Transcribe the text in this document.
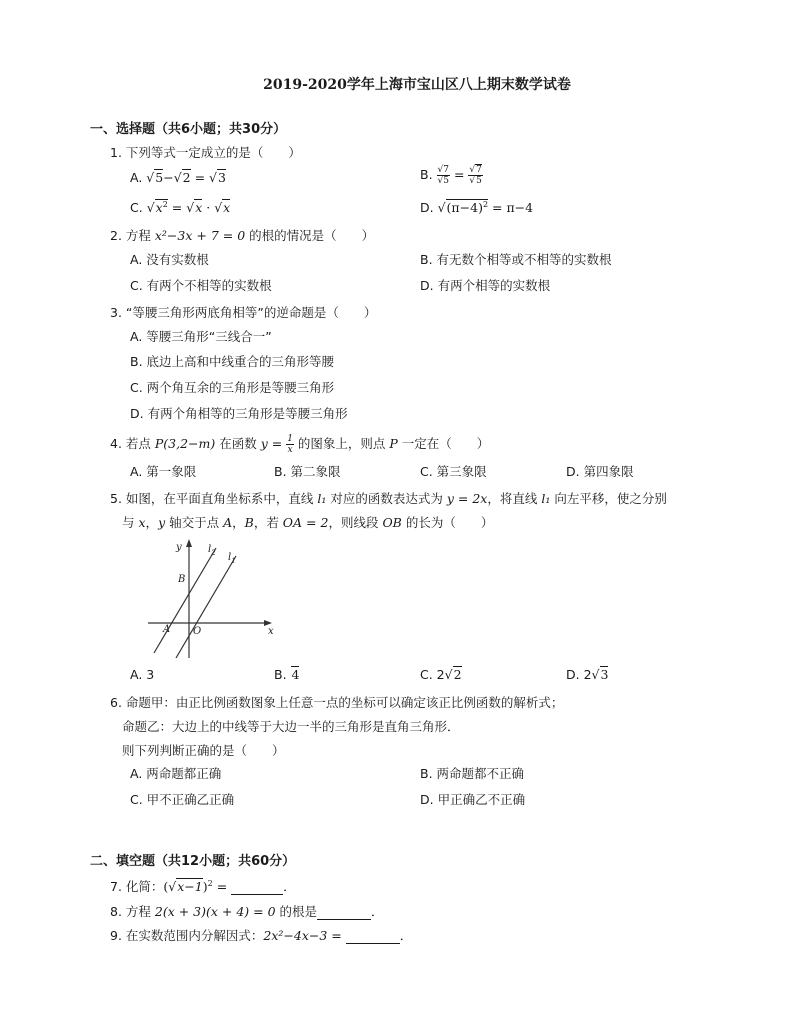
2019-2020学年上海市宝山区八上期末数学试卷
一、选择题（共6小题；共30分）
1. 下列等式一定成立的是（　　）
A. √5−√2 = √3	B. $\frac{√7}{√5} = \frac{√7}{√5}$
C. $√x^2 = √x \cdot √x$	D. $√(\pi-4)^2 = \pi-4$
2. 方程 x²−3x + 7 = 0 的根的情况是（　　）
A. 没有实数根	B. 有无数个相等或不相等的实数根
C. 有两个不相等的实数根	D. 有两个相等的实数根
3. “等腰三角形两底角相等”的逆命题是（　　）
A. 等腰三角形“三线合一”
B. 底边上高和中线重合的三角形等腰
C. 两个角互余的三角形是等腰三角形
D. 有两个角相等的三角形是等腰三角形
4. 若点 P(3,2−m) 在函数 $y = \frac{1}{x}$ 的图象上，则点 P 一定在（　　）
A. 第一象限	B. 第二象限	C. 第三象限	D. 第四象限
5. 如图，在平面直角坐标系中，直线 l₁ 对应的函数表达式为 y = 2x，将直线 l₁ 向左平移，使之分别
与 x，y 轴交于点 A，B，若 OA = 2，则线段 OB 的长为（　　）
y
x
O
A
B
$l_2$ $l_1$
A. 3	B. 4	C. 2√2	D. 2√3
6. 命题甲：由正比例函数图象上任意一点的坐标可以确定该正比例函数的解析式；
命题乙：大边上的中线等于大边一半的三角形是直角三角形．
则下列判断正确的是（　　）
A. 两命题都正确	B. 两命题都不正确
C. 甲不正确乙正确	D. 甲正确乙不正确
二、填空题（共12小题；共60分）
7. 化简：$(√x-1)^2$ =	．
8. 方程 2(x + 3)(x + 4) = 0 的根是	．
9. 在实数范围内分解因式：2x²−4x−3 =	．
